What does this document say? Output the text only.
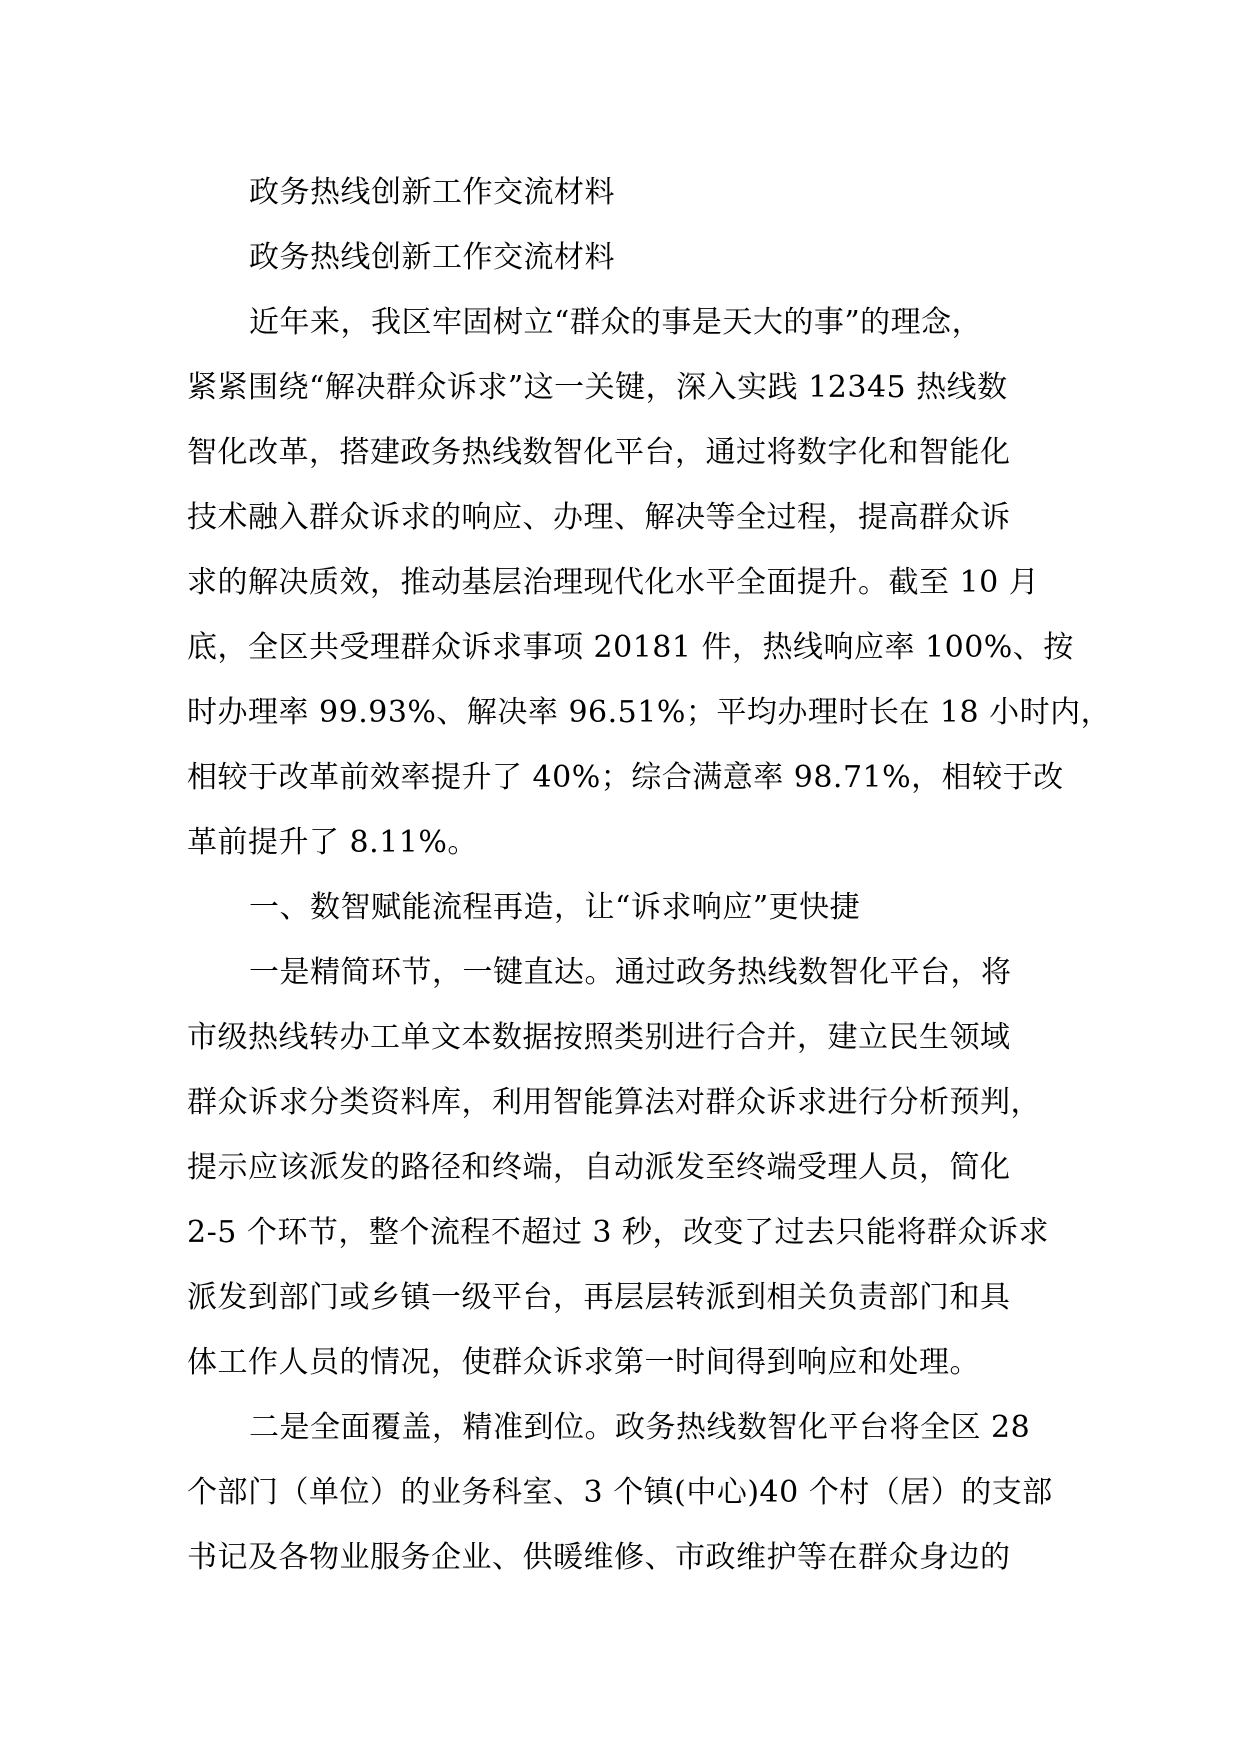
政务热线创新工作交流材料
政务热线创新工作交流材料
近年来，我区牢固树立“群众的事是天大的事”的理念，
紧紧围绕“解决群众诉求”这一关键，深入实践 12345 热线数
智化改革，搭建政务热线数智化平台，通过将数字化和智能化
技术融入群众诉求的响应、办理、解决等全过程，提高群众诉
求的解决质效，推动基层治理现代化水平全面提升。截至 10 月
底，全区共受理群众诉求事项 20181 件，热线响应率 100%、按
时办理率 99.93%、解决率 96.51%；平均办理时长在 18 小时内，
相较于改革前效率提升了 40%；综合满意率 98.71%，相较于改
革前提升了 8.11%。
一、数智赋能流程再造，让“诉求响应”更快捷
一是精简环节，一键直达。通过政务热线数智化平台，将
市级热线转办工单文本数据按照类别进行合并，建立民生领域
群众诉求分类资料库，利用智能算法对群众诉求进行分析预判，
提示应该派发的路径和终端，自动派发至终端受理人员，简化
2-5 个环节，整个流程不超过 3 秒，改变了过去只能将群众诉求
派发到部门或乡镇一级平台，再层层转派到相关负责部门和具
体工作人员的情况，使群众诉求第一时间得到响应和处理。
二是全面覆盖，精准到位。政务热线数智化平台将全区 28
个部门（单位）的业务科室、3 个镇(中心)40 个村（居）的支部
书记及各物业服务企业、供暖维修、市政维护等在群众身边的
